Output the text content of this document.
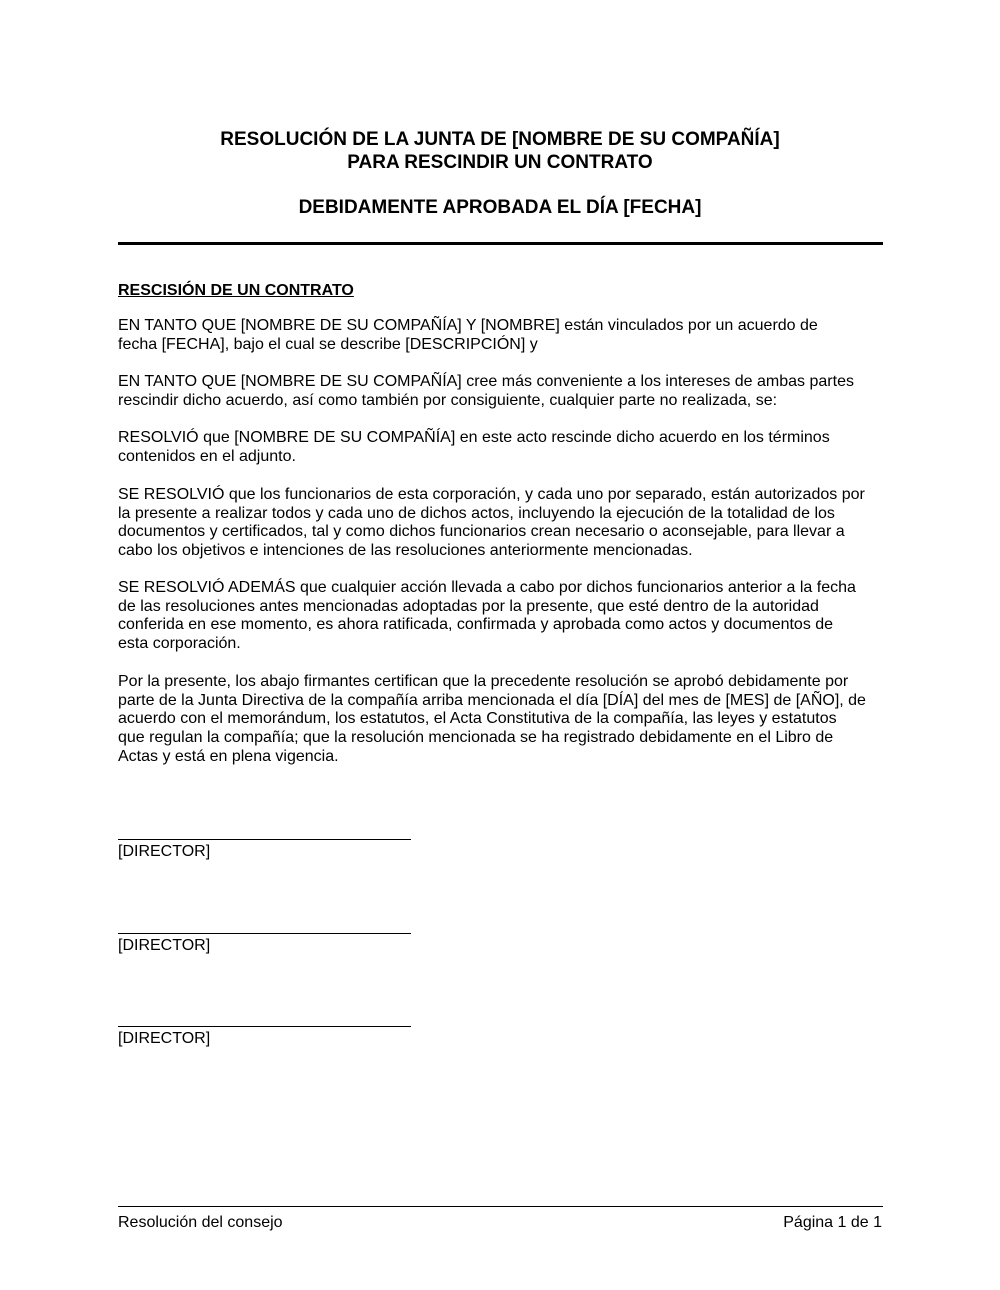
RESOLUCIÓN DE LA JUNTA DE [NOMBRE DE SU COMPAÑÍA]
PARA RESCINDIR UN CONTRATO
DEBIDAMENTE APROBADA EL DÍA [FECHA]
RESCISIÓN DE UN CONTRATO
EN TANTO QUE [NOMBRE DE SU COMPAÑÍA] Y [NOMBRE] están vinculados por un acuerdo de
fecha [FECHA], bajo el cual se describe [DESCRIPCIÓN] y
EN TANTO QUE [NOMBRE DE SU COMPAÑÍA] cree más conveniente a los intereses de ambas partes
rescindir dicho acuerdo, así como también por consiguiente, cualquier parte no realizada, se:
RESOLVIÓ que [NOMBRE DE SU COMPAÑÍA] en este acto rescinde dicho acuerdo en los términos
contenidos en el adjunto.
SE RESOLVIÓ que los funcionarios de esta corporación, y cada uno por separado, están autorizados por
la presente a realizar todos y cada uno de dichos actos, incluyendo la ejecución de la totalidad de los
documentos y certificados, tal y como dichos funcionarios crean necesario o aconsejable, para llevar a
cabo los objetivos e intenciones de las resoluciones anteriormente mencionadas.
SE RESOLVIÓ ADEMÁS que cualquier acción llevada a cabo por dichos funcionarios anterior a la fecha
de las resoluciones antes mencionadas adoptadas por la presente, que esté dentro de la autoridad
conferida en ese momento, es ahora ratificada, confirmada y aprobada como actos y documentos de
esta corporación.
Por la presente, los abajo firmantes certifican que la precedente resolución se aprobó debidamente por
parte de la Junta Directiva de la compañía arriba mencionada el día [DÍA] del mes de [MES] de [AÑO], de
acuerdo con el memorándum, los estatutos, el Acta Constitutiva de la compañía, las leyes y estatutos
que regulan la compañía; que la resolución mencionada se ha registrado debidamente en el Libro de
Actas y está en plena vigencia.
[DIRECTOR]
[DIRECTOR]
[DIRECTOR]
Resolución del consejo	Página 1 de 1
